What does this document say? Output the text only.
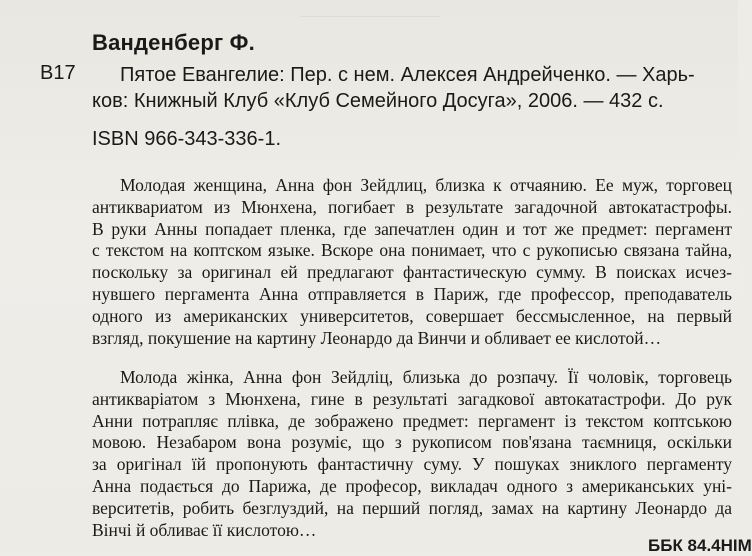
Ванденберг Ф.
В17 Пятое Евангелие: Пер. с нем. Алексея Андрейченко. — Харь-
ков: Книжный Клуб «Клуб Семейного Досуга», 2006. — 432 с.
ISBN 966-343-336-1.
Молодая женщина, Анна фон Зейдлиц, близка к отчаянию. Ее муж, торговец
антиквариатом из Мюнхена, погибает в результате загадочной автокатастрофы.
В руки Анны попадает пленка, где запечатлен один и тот же предмет: пергамент
с текстом на коптском языке. Вскоре она понимает, что с рукописью связана тайна,
поскольку за оригинал ей предлагают фантастическую сумму. В поисках исчез-
нувшего пергамента Анна отправляется в Париж, где профессор, преподаватель
одного из американских университетов, совершает бессмысленное, на первый
взгляд, покушение на картину Леонардо да Винчи и обливает ее кислотой…
Молода жінка, Анна фон Зейдліц, близька до розпачу. Її чоловік, торговець
антикваріатом з Мюнхена, гине в результаті загадкової автокатастрофи. До рук
Анни потрапляє плівка, де зображено предмет: пергамент із текстом коптською
мовою. Незабаром вона розуміє, що з рукописом пов'язана таємниця, оскільки
за оригінал їй пропонують фантастичну суму. У пошуках зниклого пергаменту
Анна подається до Парижа, де професор, викладач одного з американських уні-
верситетів, робить безглуздий, на перший погляд, замах на картину Леонардо да
Вінчі й обливає її кислотою…
ББК 84.4НІМ
